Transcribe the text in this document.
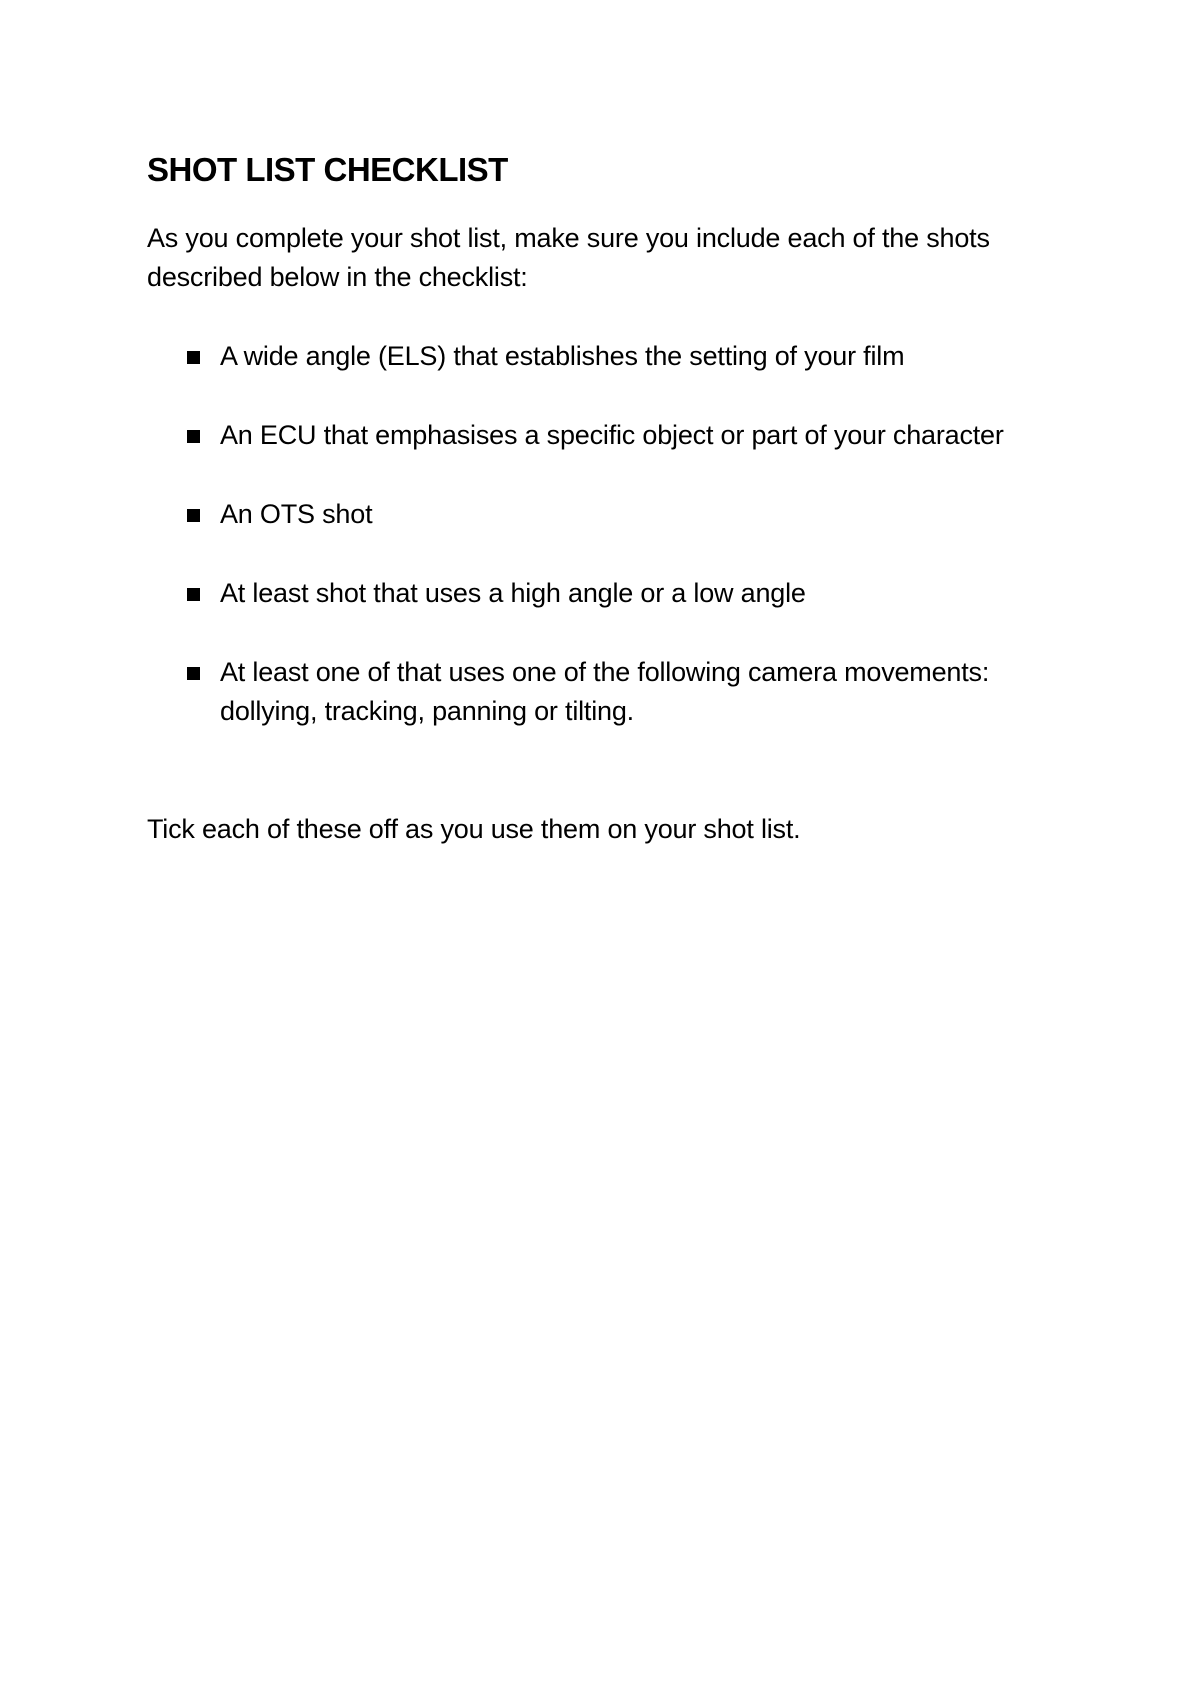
SHOT LIST CHECKLIST

As you complete your shot list, make sure you include each of the shots described below in the checklist:

A wide angle (ELS) that establishes the setting of your film
An ECU that emphasises a specific object or part of your character
An OTS shot
At least shot that uses a high angle or a low angle
At least one of that uses one of the following camera movements: dollying, tracking, panning or tilting.

Tick each of these off as you use them on your shot list.
